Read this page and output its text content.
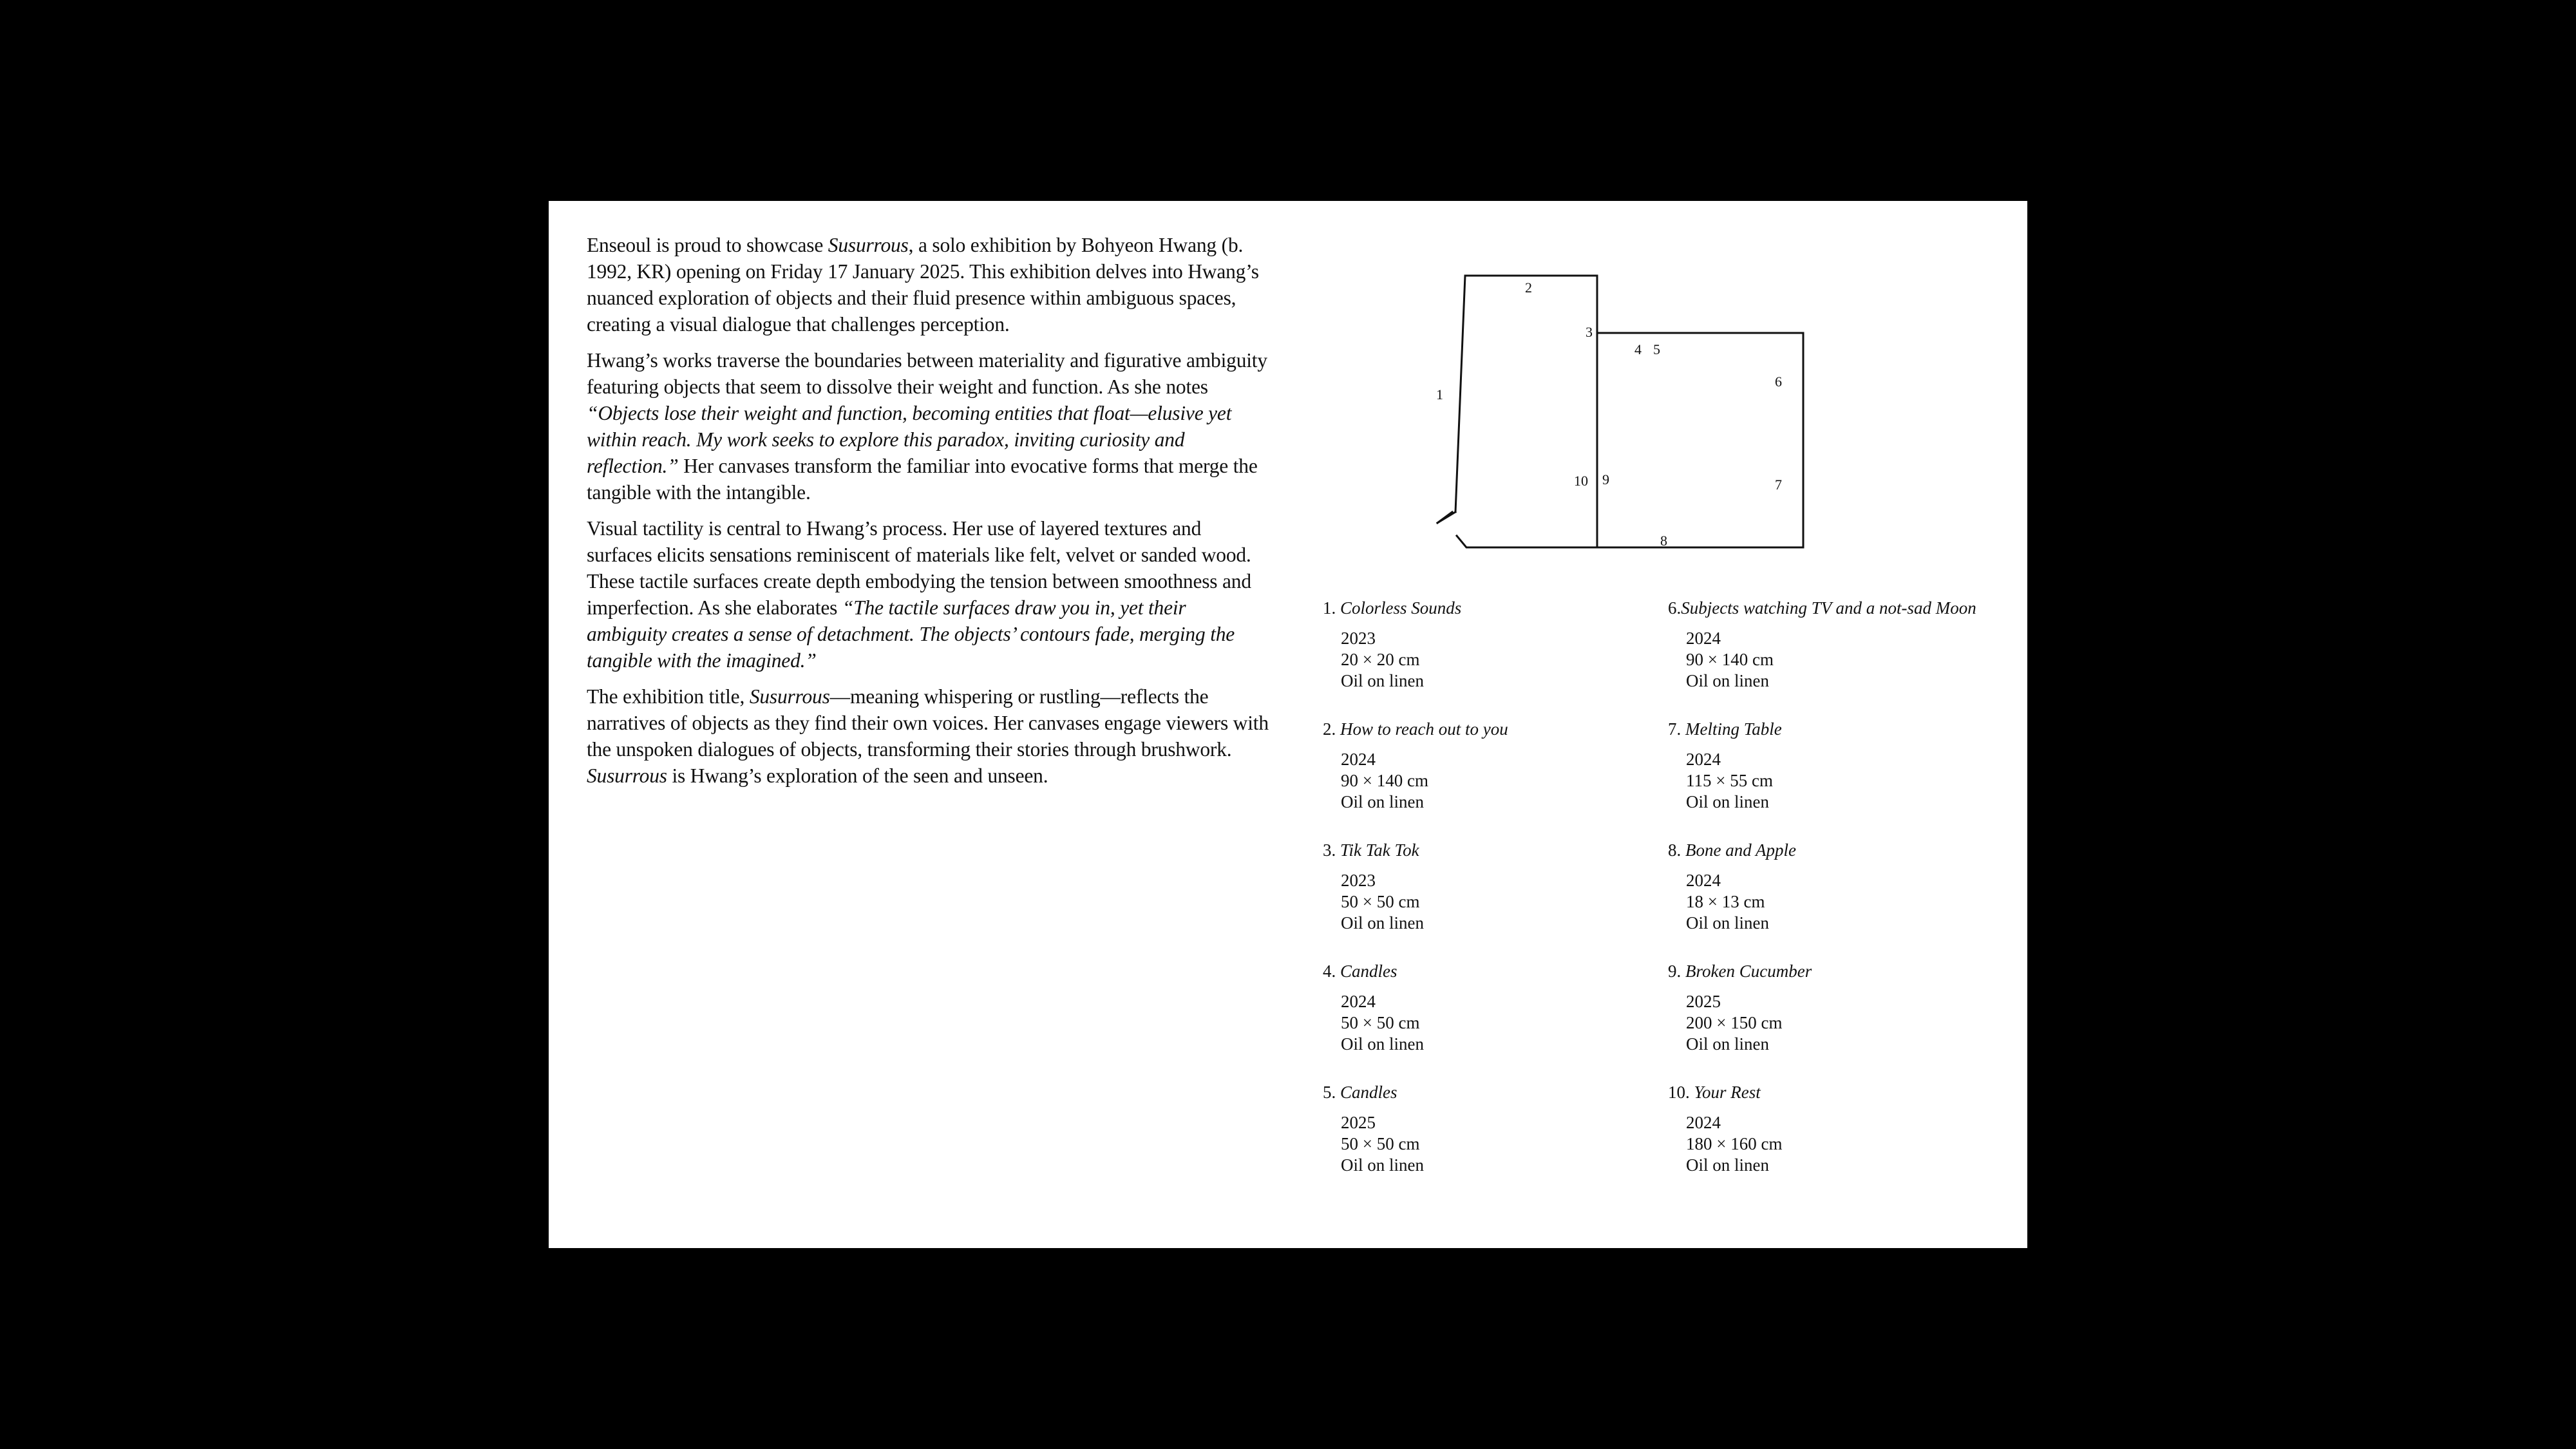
Enseoul is proud to showcase Susurrous, a solo exhibition by Bohyeon Hwang (b. 1992, KR) opening on Friday 17 January 2025. This exhibition delves into Hwang’s nuanced exploration of objects and their fluid presence within ambiguous spaces, creating a visual dialogue that challenges perception.

Hwang’s works traverse the boundaries between materiality and figurative ambiguity featuring objects that seem to dissolve their weight and function. As she notes “Objects lose their weight and function, becoming entities that float—elusive yet within reach. My work seeks to explore this paradox, inviting curiosity and reflection.” Her canvases transform the familiar into evocative forms that merge the tangible with the intangible.

Visual tactility is central to Hwang’s process. Her use of layered textures and surfaces elicits sensations reminiscent of materials like felt, velvet or sanded wood. These tactile surfaces create depth embodying the tension between smoothness and imperfection. As she elaborates “The tactile surfaces draw you in, yet their ambiguity creates a sense of detachment. The objects’ contours fade, merging the tangible with the imagined.”

The exhibition title, Susurrous—meaning whispering or rustling—reflects the narratives of objects as they find their own voices. Her canvases engage viewers with the unspoken dialogues of objects, transforming their stories through brushwork. Susurrous is Hwang’s exploration of the seen and unseen.

1
2
3
4 5
6
7
8
9
10
1. Colorless Sounds
2023
20 × 20 cm
Oil on linen
2. How to reach out to you
2024
90 × 140 cm
Oil on linen
3. Tik Tak Tok
2023
50 × 50 cm
Oil on linen
4. Candles
2024
50 × 50 cm
Oil on linen
5. Candles
2025
50 × 50 cm
Oil on linen
6.Subjects watching TV and a not-sad Moon
2024
90 × 140 cm
Oil on linen
7. Melting Table
2024
115 × 55 cm
Oil on linen
8. Bone and Apple
2024
18 × 13 cm
Oil on linen
9. Broken Cucumber
2025
200 × 150 cm
Oil on linen
10. Your Rest
2024
180 × 160 cm
Oil on linen
